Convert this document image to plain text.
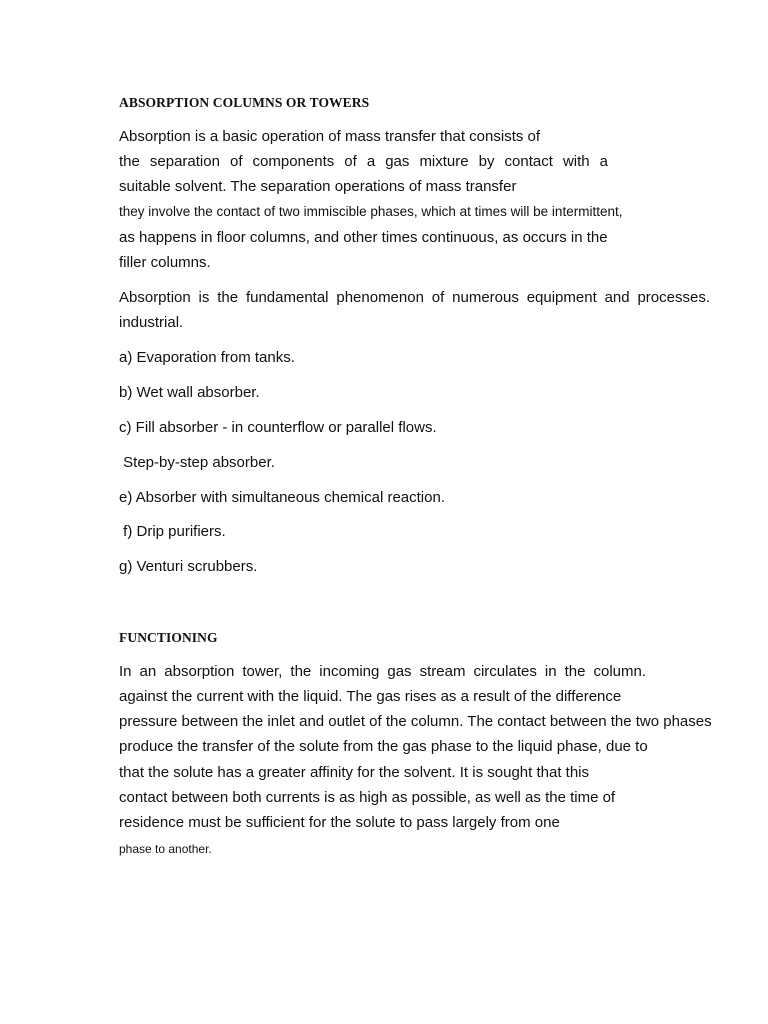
ABSORPTION COLUMNS OR TOWERS
Absorption is a basic operation of mass transfer that consists of
the separation of components of a gas mixture by contact with a
suitable solvent. The separation operations of mass transfer
they involve the contact of two immiscible phases, which at times will be intermittent,
as happens in floor columns, and other times continuous, as occurs in the
filler columns.
Absorption is the fundamental phenomenon of numerous equipment and processes.
industrial.
a) Evaporation from tanks.
b) Wet wall absorber.
c) Fill absorber - in counterflow or parallel flows.
Step-by-step absorber.
e) Absorber with simultaneous chemical reaction.
f) Drip purifiers.
g) Venturi scrubbers.
FUNCTIONING
In an absorption tower, the incoming gas stream circulates in the column.
against the current with the liquid. The gas rises as a result of the difference
pressure between the inlet and outlet of the column. The contact between the two phases
produce the transfer of the solute from the gas phase to the liquid phase, due to
that the solute has a greater affinity for the solvent. It is sought that this
contact between both currents is as high as possible, as well as the time of
residence must be sufficient for the solute to pass largely from one
phase to another.
